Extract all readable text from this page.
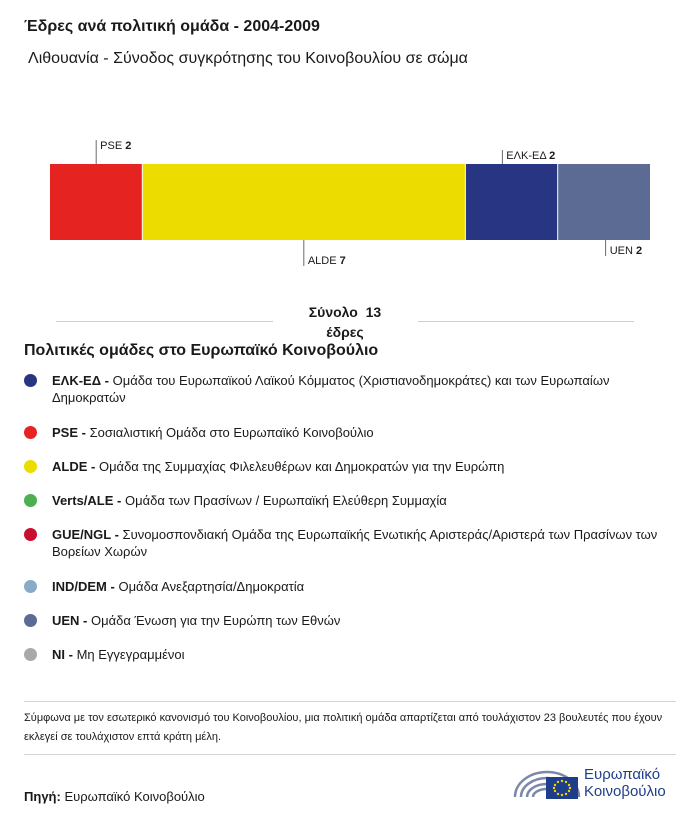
Έδρες ανά πολιτική ομάδα - 2004-2009
Λιθουανία - Σύνοδος συγκρότησης του Κοινοβουλίου σε σώμα
PSE 2
ALDE 7
ΕΛΚ-ΕΔ 2
UEN 2
Σύνολο 13
έδρες
Πολιτικές ομάδες στο Ευρωπαϊκό Κοινοβούλιο
ΕΛΚ-ΕΔ - Ομάδα του Ευρωπαϊκού Λαϊκού Κόμματος (Χριστιανοδημοκράτες) και των Ευρωπαίων Δημοκρατών
PSE - Σοσιαλιστική Ομάδα στο Ευρωπαϊκό Κοινοβούλιο
ALDE - Ομάδα της Συμμαχίας Φιλελευθέρων και Δημοκρατών για την Ευρώπη
Verts/ALE - Ομάδα των Πρασίνων / Ευρωπαϊκή Ελεύθερη Συμμαχία
GUE/NGL - Συνομοσπονδιακή Ομάδα της Ευρωπαϊκής Ενωτικής Αριστεράς/Αριστερά των Πρασίνων των Βορείων Χωρών
IND/DEM - Ομάδα Ανεξαρτησία/Δημοκρατία
UEN - Ομάδα Ένωση για την Ευρώπη των Εθνών
NI - Μη Εγγεγραμμένοι
Σύμφωνα με τον εσωτερικό κανονισμό του Κοινοβουλίου, μια πολιτική ομάδα απαρτίζεται από τουλάχιστον 23 βουλευτές που έχουν εκλεγεί σε τουλάχιστον επτά κράτη μέλη.
Πηγή: Ευρωπαϊκό Κοινοβούλιο
Ευρωπαϊκό
Κοινοβούλιο
